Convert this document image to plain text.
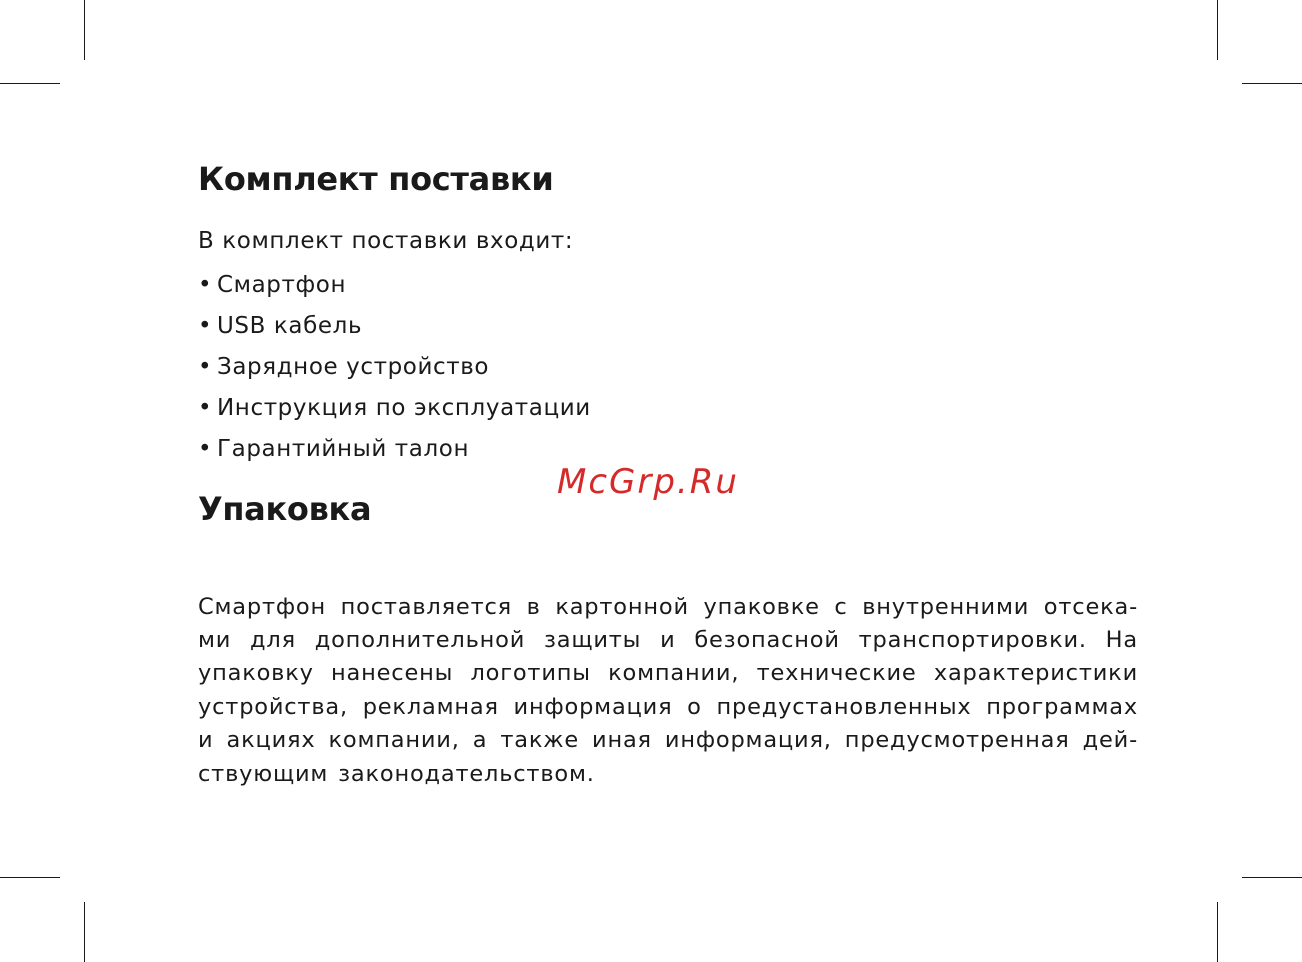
Комплект поставки
В комплект поставки входит:
• Смартфон
• USB кабель
• Зарядное устройство
• Инструкция по эксплуатации
• Гарантийный талон
Упаковка

Смартфон поставляется в картонной упаковке с внутренними отсека-ми для дополнительной защиты и безопасной транспортировки. На упаковку нанесены логотипы компании, технические характеристики устройства, рекламная информация о предустановленных программах и акциях компании, а также иная информация, предусмотренная дей-ствующим законодательством.

McGrp.Ru
